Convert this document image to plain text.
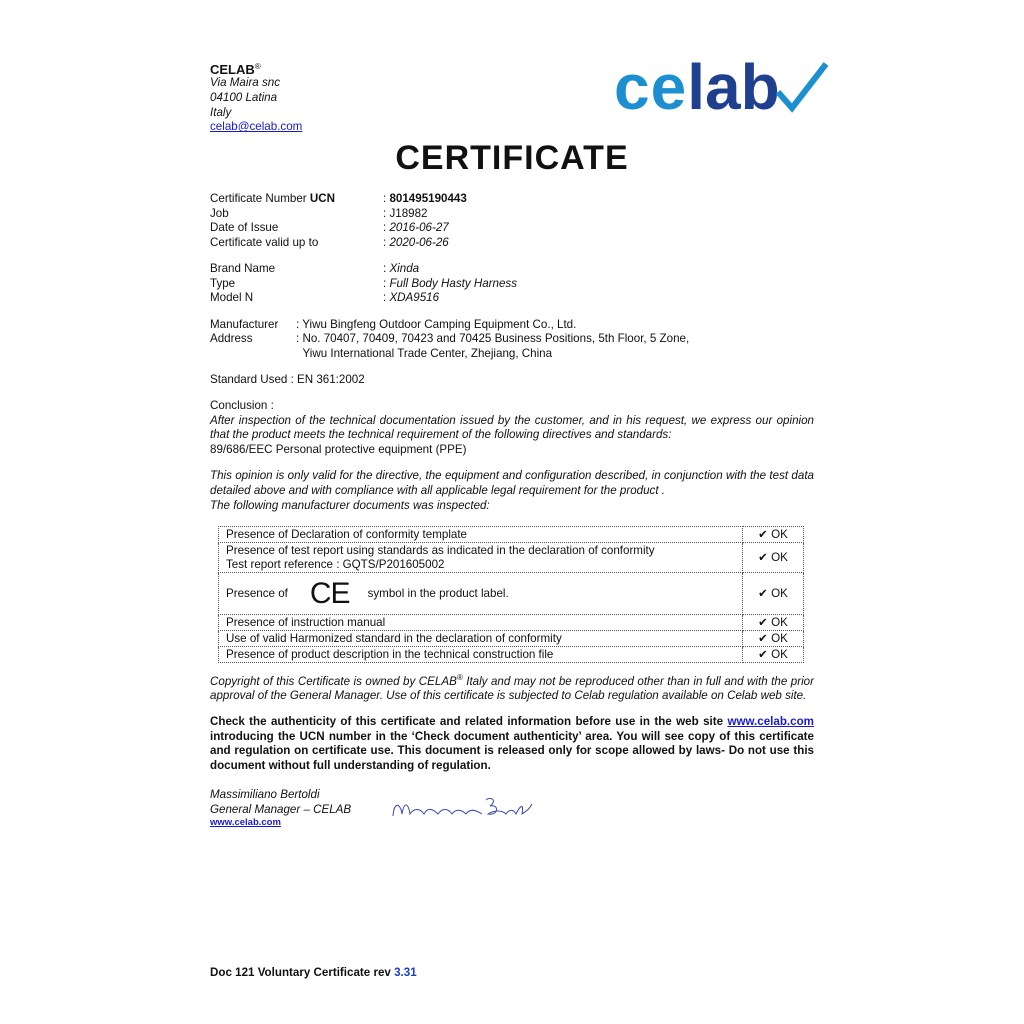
CELAB®
Via Maira snc
04100 Latina
Italy
celab@celab.com
celab
CERTIFICATE
Certificate Number UCN	: 801495190443
Job	: J18982
Date of Issue	: 2016-06-27
Certificate valid up to	: 2020-06-26
Brand Name	: Xinda
Type	: Full Body Hasty Harness
Model N	: XDA9516
Manufacturer : Yiwu Bingfeng Outdoor Camping Equipment Co., Ltd.
Address	: No. 70407, 70409, 70423 and 70425 Business Positions, 5th Floor, 5 Zone,
Yiwu International Trade Center, Zhejiang, China
Standard Used : EN 361:2002
Conclusion :
After inspection of the technical documentation issued by the customer, and in his request, we express our opinion that the product meets the technical requirement of the following directives and standards:
89/686/EEC Personal protective equipment (PPE)
This opinion is only valid for the directive, the equipment and configuration described, in conjunction with the test data detailed above and with compliance with all applicable legal requirement for the product .
The following manufacturer documents was inspected:
Presence of Declaration of conformity template	✔ OK
Presence of test report using standards as indicated in the declaration of conformity
Test report reference : GQTS/P201605002	✔ OK
Presence of CE symbol in the product label.	✔ OK
Presence of instruction manual	✔ OK
Use of valid Harmonized standard in the declaration of conformity	✔ OK
Presence of product description in the technical construction file	✔ OK
Copyright of this Certificate is owned by CELAB® Italy and may not be reproduced other than in full and with the prior approval of the General Manager. Use of this certificate is subjected to Celab regulation available on Celab web site.
Check the authenticity of this certificate and related information before use in the web site www.celab.com introducing the UCN number in the ‘Check document authenticity’ area. You will see copy of this certificate and regulation on certificate use. This document is released only for scope allowed by laws- Do not use this document without full understanding of regulation.
Massimiliano Bertoldi
General Manager – CELAB
www.celab.com
Doc 121 Voluntary Certificate rev 3.31
